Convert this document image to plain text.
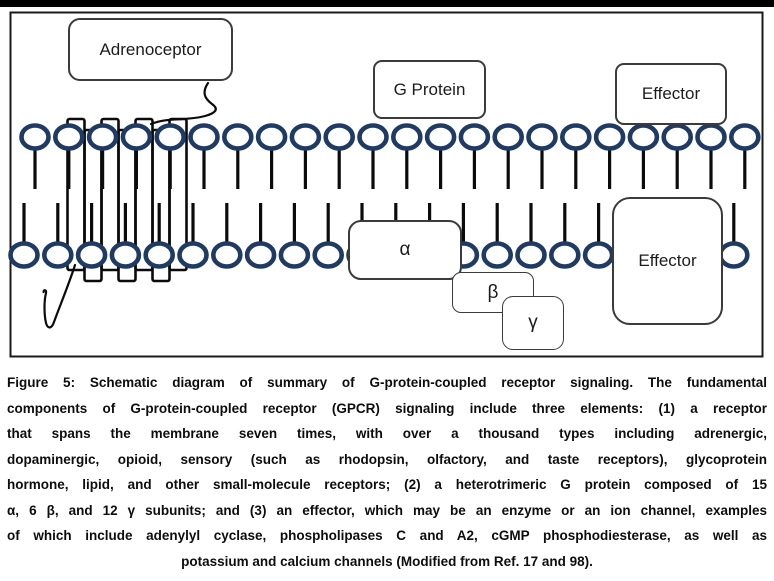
Adrenoceptor
G Protein	Effector
α
β
γ
Effector
Figure 5: Schematic diagram of summary of G-protein-coupled receptor signaling. The fundamental
components of G-protein-coupled receptor (GPCR) signaling include three elements: (1) a receptor
that spans the membrane seven times, with over a thousand types including adrenergic,
dopaminergic, opioid, sensory (such as rhodopsin, olfactory, and taste receptors), glycoprotein
hormone, lipid, and other small-molecule receptors; (2) a heterotrimeric G protein composed of 15
α, 6 β, and 12 γ subunits; and (3) an effector, which may be an enzyme or an ion channel, examples
of which include adenylyl cyclase, phospholipases C and A2, cGMP phosphodiesterase, as well as
potassium and calcium channels (Modified from Ref. 17 and 98).
